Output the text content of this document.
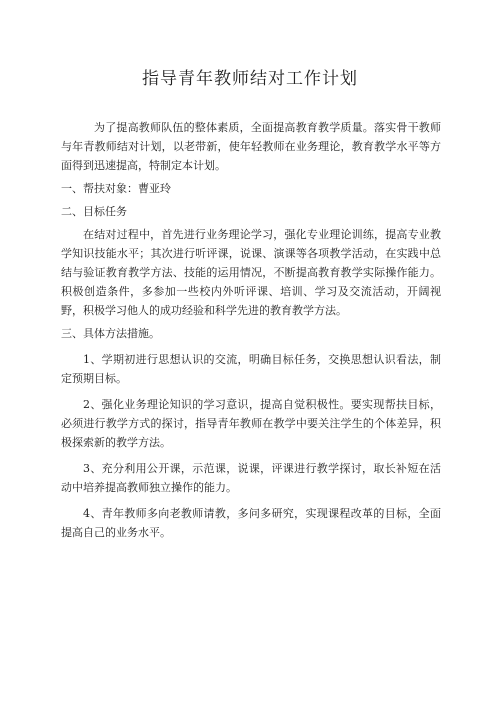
指导青年教师结对工作计划

为了提高教师队伍的整体素质，全面提高教育教学质量。落实骨干教师与年青教师结对计划，以老带新，使年轻教师在业务理论，教育教学水平等方面得到迅速提高，特制定本计划。

一、帮扶对象：曹亚玲

二、目标任务

在结对过程中，首先进行业务理论学习，强化专业理论训练，提高专业教学知识技能水平；其次进行听评课，说课、演课等各项教学活动，在实践中总结与验证教育教学方法、技能的运用情况，不断提高教育教学实际操作能力。积极创造条件，多参加一些校内外听评课、培训、学习及交流活动，开阔视野，积极学习他人的成功经验和科学先进的教育教学方法。

三、具体方法措施。

1、学期初进行思想认识的交流，明确目标任务，交换思想认识看法，制定预期目标。

2、强化业务理论知识的学习意识，提高自觉积极性。要实现帮扶目标，必须进行教学方式的探讨，指导青年教师在教学中要关注学生的个体差异，积极探索新的教学方法。

3、充分利用公开课，示范课，说课，评课进行教学探讨，取长补短在活动中培养提高教师独立操作的能力。

4、青年教师多向老教师请教，多问多研究，实现课程改革的目标，全面提高自己的业务水平。
